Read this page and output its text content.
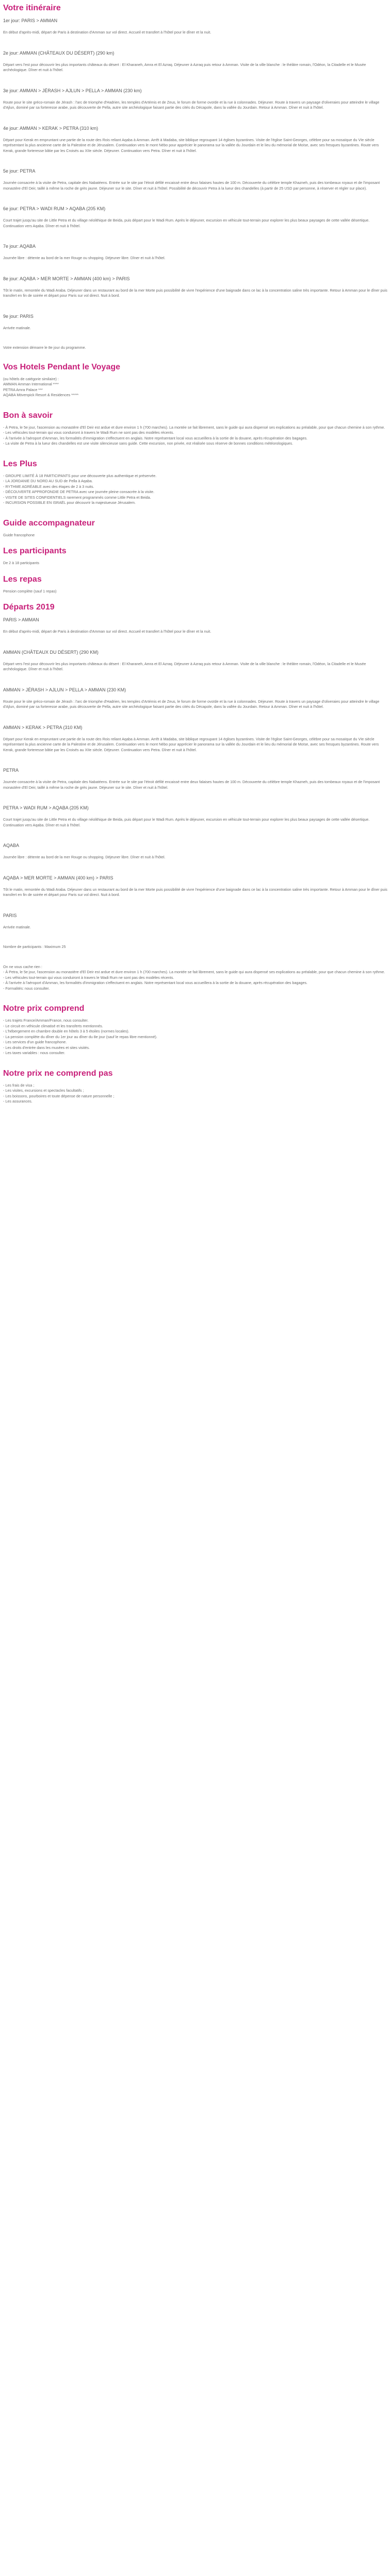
Votre itinéraire
1er jour: PARIS > AMMAN
En début d'après-midi, départ de Paris à destination d'Amman sur vol direct. Accueil et transfert à l'hôtel pour le dîner et la nuit.
2e jour: AMMAN (CHÂTEAUX DU DÉSERT) (290 km)
Départ vers l'est pour découvrir les plus importants châteaux du désert : El Kharaneh, Amra et El Azraq. Déjeuner à Azraq puis retour à Amman. Visite de la ville blanche : le théâtre romain, l'Odéon, la Citadelle et le Musée archéologique. Dîner et nuit à l'hôtel.
3e jour: AMMAN > JÉRASH > AJLUN > PELLA > AMMAN (230 km)
Route pour le site gréco-romain de Jérash : l'arc de triomphe d'Hadrien, les temples d'Artémis et de Zeus, le forum de forme ovoïde et la rue à colonnades. Déjeuner. Route à travers un paysage d'oliveraies pour atteindre le village d'Ajlun, dominé par sa forteresse arabe, puis découverte de Pella, autre site archéologique faisant partie des cités du Décapole, dans la vallée du Jourdain. Retour à Amman. Dîner et nuit à l'hôtel.
4e jour: AMMAN > KERAK > PETRA (310 km)
Départ pour Kerak en empruntant une partie de la route des Rois reliant Aqaba à Amman. Arrêt à Madaba, site biblique regroupant 14 églises byzantines. Visite de l'église Saint-Georges, célèbre pour sa mosaïque du VIe siècle représentant la plus ancienne carte de la Palestine et de Jérusalem. Continuation vers le mont Nébo pour apprécier le panorama sur la vallée du Jourdain et le lieu du mémorial de Moïse, avec ses fresques byzantines. Route vers Kerak, grande forteresse bâtie par les Croisés au XIIe siècle. Déjeuner. Continuation vers Petra. Dîner et nuit à l'hôtel.
5e jour: PETRA
Journée consacrée à la visite de Petra, capitale des Nabatéens. Entrée sur le site par l'étroit défilé encaissé entre deux falaises hautes de 100 m. Découverte du célèbre temple Khazneh, puis des tombeaux royaux et de l'imposant monastère d'El Deir, taillé à même la roche de grès jaune. Déjeuner sur le site. Dîner et nuit à l'hôtel. Possibilité de découvrir Petra à la lueur des chandelles (à partir de 25 USD par personne, à réserver et régler sur place).
6e jour: PETRA > WADI RUM > AQABA (205 KM)
Court trajet jusqu'au site de Little Petra et du village néolithique de Beida, puis départ pour le Wadi Rum. Après le déjeuner, excursion en véhicule tout-terrain pour explorer les plus beaux paysages de cette vallée désertique. Continuation vers Aqaba. Dîner et nuit à l'hôtel.
7e jour: AQABA
Journée libre : détente au bord de la mer Rouge ou shopping. Déjeuner libre. Dîner et nuit à l'hôtel.
8e jour: AQABA > MER MORTE > AMMAN (400 km) > PARIS
Tôt le matin, remontée du Wadi Araba. Déjeuner dans un restaurant au bord de la mer Morte puis possibilité de vivre l'expérience d'une baignade dans ce lac à la concentration saline très importante. Retour à Amman pour le dîner puis transfert en fin de soirée et départ pour Paris sur vol direct. Nuit à bord.
9e jour: PARIS
Arrivée matinale.
Votre extension démarre le 8e jour du programme.
Vos Hotels Pendant le Voyage
(ou hôtels de catégorie similaire) :
AMMAN Amman International ****
PETRA Amra Palace ***
AQABA Mövenpick Resort & Residences *****
Bon à savoir
- À Petra, le 5e jour, l'ascension au monastère d'El Deir est ardue et dure environ 1 h (700 marches). La montée se fait librement, sans le guide qui aura dispensé ses explications au préalable, pour que chacun chemine à son rythme.
- Les véhicules tout-terrain qui vous conduiront à travers le Wadi Rum ne sont pas des modèles récents.
- À l'arrivée à l'aéroport d'Amman, les formalités d'immigration s'effectuent en anglais. Notre représentant local vous accueillera à la sortie de la douane, après récupération des bagages.
- La visite de Petra à la lueur des chandelles est une visite silencieuse sans guide. Cette excursion, non privée, est réalisée sous réserve de bonnes conditions météorologiques.
Les Plus
- GROUPE LIMITÉ À 18 PARTICIPANTS pour une découverte plus authentique et préservée.
- LA JORDANIE DU NORD AU SUD de Pella à Aqaba.
- RYTHME AGRÉABLE avec des étapes de 2 à 3 nuits.
- DÉCOUVERTE APPROFONDIE DE PETRA avec une journée pleine consacrée à la visite.
- VISITE DE SITES CONFIDENTIELS rarement programmés comme Little Petra et Beida.
- INCURSION POSSIBLE EN ISRAËL pour découvrir la majestueuse Jérusalem.
Guide accompagnateur
Guide francophone
Les participants
De 2 à 18 participants
Les repas
Pension complète (sauf 1 repas)
Départs 2019
PARIS > AMMAN
En début d'après-midi, départ de Paris à destination d'Amman sur vol direct. Accueil et transfert à l'hôtel pour le dîner et la nuit.
AMMAN (CHÂTEAUX DU DÉSERT) (290 KM)
Départ vers l'est pour découvrir les plus importants châteaux du désert : El Kharaneh, Amra et El Azraq. Déjeuner à Azraq puis retour à Amman. Visite de la ville blanche : le théâtre romain, l'Odéon, la Citadelle et le Musée archéologique. Dîner et nuit à l'hôtel.
AMMAN > JÉRASH > AJLUN > PELLA > AMMAN (230 KM)
Route pour le site gréco-romain de Jérash : l'arc de triomphe d'Hadrien, les temples d'Artémis et de Zeus, le forum de forme ovoïde et la rue à colonnades. Déjeuner. Route à travers un paysage d'oliveraies pour atteindre le village d'Ajlun, dominé par sa forteresse arabe, puis découverte de Pella, autre site archéologique faisant partie des cités du Décapole, dans la vallée du Jourdain. Retour à Amman. Dîner et nuit à l'hôtel.
AMMAN > KERAK > PETRA (310 KM)
Départ pour Kerak en empruntant une partie de la route des Rois reliant Aqaba à Amman. Arrêt à Madaba, site biblique regroupant 14 églises byzantines. Visite de l'église Saint-Georges, célèbre pour sa mosaïque du VIe siècle représentant la plus ancienne carte de la Palestine et de Jérusalem. Continuation vers le mont Nébo pour apprécier le panorama sur la vallée du Jourdain et le lieu du mémorial de Moïse, avec ses fresques byzantines. Route vers Kerak, grande forteresse bâtie par les Croisés au XIIe siècle. Déjeuner. Continuation vers Petra. Dîner et nuit à l'hôtel.
PETRA
Journée consacrée à la visite de Petra, capitale des Nabatéens. Entrée sur le site par l'étroit défilé encaissé entre deux falaises hautes de 100 m. Découverte du célèbre temple Khazneh, puis des tombeaux royaux et de l'imposant monastère d'El Deir, taillé à même la roche de grès jaune. Déjeuner sur le site. Dîner et nuit à l'hôtel.
PETRA > WADI RUM > AQABA (205 KM)
Court trajet jusqu'au site de Little Petra et du village néolithique de Beida, puis départ pour le Wadi Rum. Après le déjeuner, excursion en véhicule tout-terrain pour explorer les plus beaux paysages de cette vallée désertique. Continuation vers Aqaba. Dîner et nuit à l'hôtel.
AQABA
Journée libre : détente au bord de la mer Rouge ou shopping. Déjeuner libre. Dîner et nuit à l'hôtel.
AQABA > MER MORTE > AMMAN (400 km) > PARIS
Tôt le matin, remontée du Wadi Araba. Déjeuner dans un restaurant au bord de la mer Morte puis possibilité de vivre l'expérience d'une baignade dans ce lac à la concentration saline très importante. Retour à Amman pour le dîner puis transfert en fin de soirée et départ pour Paris sur vol direct. Nuit à bord.
PARIS
Arrivée matinale.
Nombre de participants : Maximum 25
On ne vous cache rien :
- À Petra, le 5e jour, l'ascension au monastère d'El Deir est ardue et dure environ 1 h (700 marches). La montée se fait librement, sans le guide qui aura dispensé ses explications au préalable, pour que chacun chemine à son rythme.
- Les véhicules tout-terrain qui vous conduiront à travers le Wadi Rum ne sont pas des modèles récents.
- À l'arrivée à l'aéroport d'Amman, les formalités d'immigration s'effectuent en anglais. Notre représentant local vous accueillera à la sortie de la douane, après récupération des bagages.
- Formalités: nous consulter.
Notre prix comprend
- Les trajets France/Amman/France, nous consulter.
- Le circuit en véhicule climatisé et les transferts mentionnés.
- L'hébergement en chambre double en hôtels 3 à 5 étoiles (normes locales).
- La pension complète du dîner du 1er jour au dîner du 8e jour (sauf le repas libre mentionné).
- Les services d'un guide francophone.
- Les droits d'entrée dans les musées et sites visités.
- Les taxes variables : nous consulter.
Notre prix ne comprend pas
- Les frais de visa ;
- Les visites, excursions et spectacles facultatifs ;
- Les boissons, pourboires et toute dépense de nature personnelle ;
- Les assurances.
